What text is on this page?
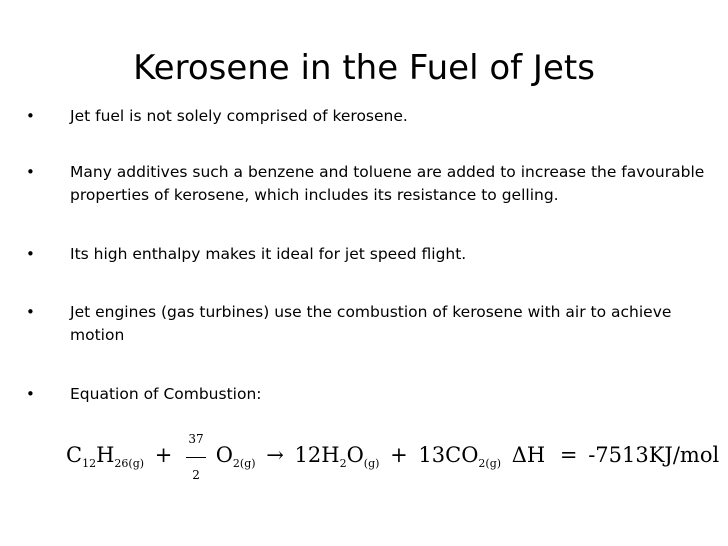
Kerosene in the Fuel of Jets
•	Jet fuel is not solely comprised of kerosene.
•	Many additives such a benzene and toluene are added to increase the favourable properties of kerosene, which includes its resistance to gelling.
•	Its high enthalpy makes it ideal for jet speed flight.
•	Jet engines (gas turbines) use the combustion of kerosene with air to achieve motion
•	Equation of Combustion:
$C_{12}H_{26(g)} + \frac{37}{2} O_{2(g)} \to 12H_2O_{(g)} + 13CO_{2(g)}$ ΔH = -7513KJ/mol
